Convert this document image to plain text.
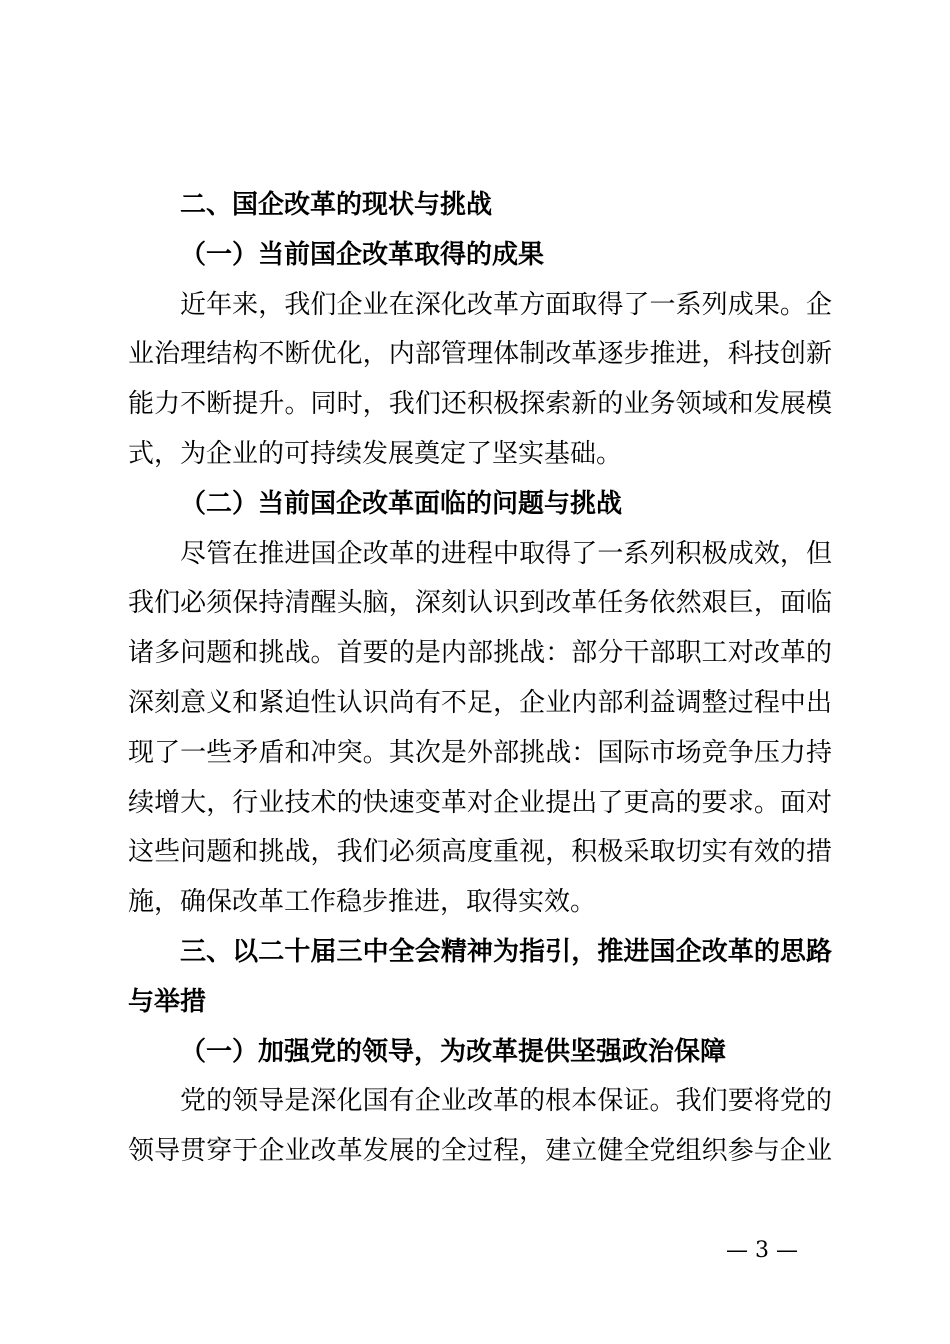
二、国企改革的现状与挑战
（一）当前国企改革取得的成果
近年来，我们企业在深化改革方面取得了一系列成果。企
业治理结构不断优化，内部管理体制改革逐步推进，科技创新
能力不断提升。同时，我们还积极探索新的业务领域和发展模
式，为企业的可持续发展奠定了坚实基础。
（二）当前国企改革面临的问题与挑战
尽管在推进国企改革的进程中取得了一系列积极成效，但
我们必须保持清醒头脑，深刻认识到改革任务依然艰巨，面临
诸多问题和挑战。首要的是内部挑战：部分干部职工对改革的
深刻意义和紧迫性认识尚有不足，企业内部利益调整过程中出
现了一些矛盾和冲突。其次是外部挑战：国际市场竞争压力持
续增大，行业技术的快速变革对企业提出了更高的要求。面对
这些问题和挑战，我们必须高度重视，积极采取切实有效的措
施，确保改革工作稳步推进，取得实效。
三、以二十届三中全会精神为指引，推进国企改革的思路
与举措
（一）加强党的领导，为改革提供坚强政治保障
党的领导是深化国有企业改革的根本保证。我们要将党的
领导贯穿于企业改革发展的全过程，建立健全党组织参与企业
— 3 —
